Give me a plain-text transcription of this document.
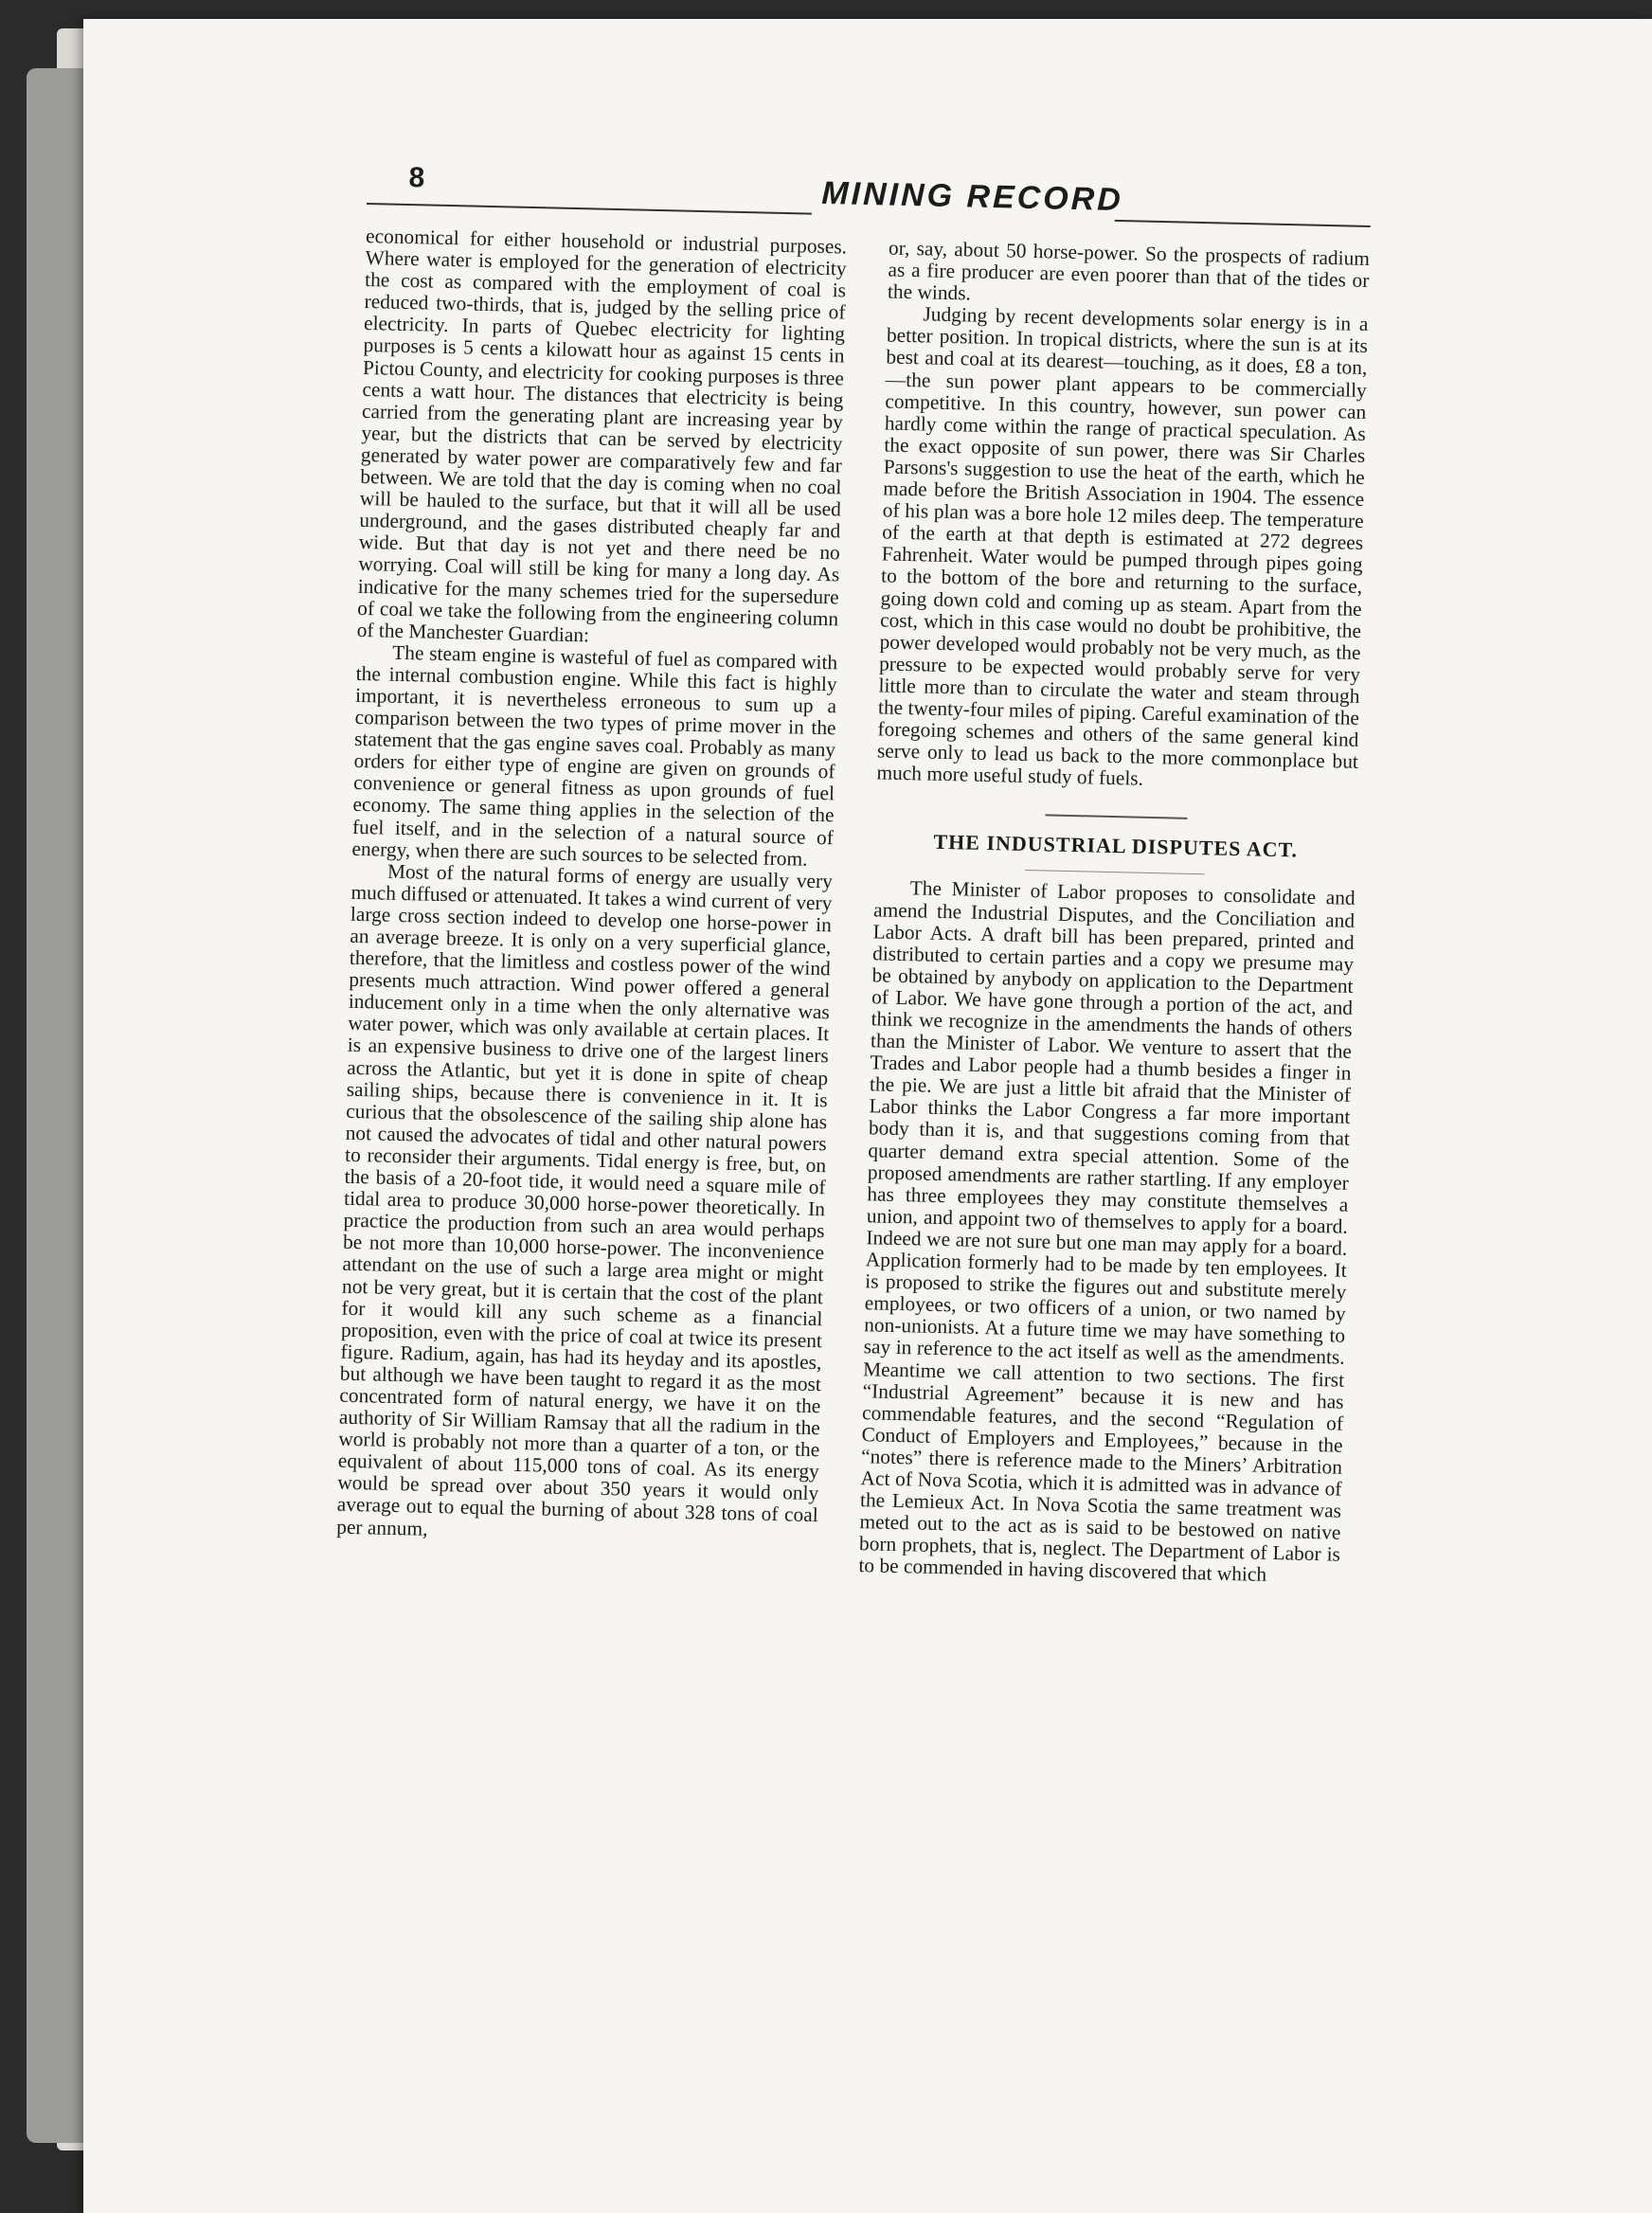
8	MINING RECORD

economical for either household or industrial purposes. Where water is employed for the generation of electricity the cost as compared with the employment of coal is reduced two-thirds, that is, judged by the selling price of electricity. In parts of Quebec electricity for lighting purposes is 5 cents a kilowatt hour as against 15 cents in Pictou County, and electricity for cooking purposes is three cents a watt hour. The distances that electricity is being carried from the generating plant are increasing year by year, but the districts that can be served by electricity generated by water power are comparatively few and far between. We are told that the day is coming when no coal will be hauled to the surface, but that it will all be used underground, and the gases distributed cheaply far and wide. But that day is not yet and there need be no worrying. Coal will still be king for many a long day. As indicative for the many schemes tried for the supersedure of coal we take the following from the engineering column of the Manchester Guardian:

The steam engine is wasteful of fuel as compared with the internal combustion engine. While this fact is highly important, it is nevertheless erroneous to sum up a comparison between the two types of prime mover in the statement that the gas engine saves coal. Probably as many orders for either type of engine are given on grounds of convenience or general fitness as upon grounds of fuel economy. The same thing applies in the selection of the fuel itself, and in the selection of a natural source of energy, when there are such sources to be selected from.

Most of the natural forms of energy are usually very much diffused or attenuated. It takes a wind current of very large cross section indeed to develop one horse-power in an average breeze. It is only on a very superficial glance, therefore, that the limitless and costless power of the wind presents much attraction. Wind power offered a general inducement only in a time when the only alternative was water power, which was only available at certain places. It is an expensive business to drive one of the largest liners across the Atlantic, but yet it is done in spite of cheap sailing ships, because there is convenience in it. It is curious that the obsolescence of the sailing ship alone has not caused the advocates of tidal and other natural powers to reconsider their arguments. Tidal energy is free, but, on the basis of a 20-foot tide, it would need a square mile of tidal area to produce 30,000 horse-power theoretically. In practice the production from such an area would perhaps be not more than 10,000 horse-power. The inconvenience attendant on the use of such a large area might or might not be very great, but it is certain that the cost of the plant for it would kill any such scheme as a financial proposition, even with the price of coal at twice its present figure. Radium, again, has had its heyday and its apostles, but although we have been taught to regard it as the most concentrated form of natural energy, we have it on the authority of Sir William Ramsay that all the radium in the world is probably not more than a quarter of a ton, or the equivalent of about 115,000 tons of coal. As its energy would be spread over about 350 years it would only average out to equal the burning of about 328 tons of coal per annum,

or, say, about 50 horse-power. So the prospects of radium as a fire producer are even poorer than that of the tides or the winds.

Judging by recent developments solar energy is in a better position. In tropical districts, where the sun is at its best and coal at its dearest—touching, as it does, £8 a ton,—the sun power plant appears to be commercially competitive. In this country, however, sun power can hardly come within the range of practical speculation. As the exact opposite of sun power, there was Sir Charles Parsons's suggestion to use the heat of the earth, which he made before the British Association in 1904. The essence of his plan was a bore hole 12 miles deep. The temperature of the earth at that depth is estimated at 272 degrees Fahrenheit. Water would be pumped through pipes going to the bottom of the bore and returning to the surface, going down cold and coming up as steam. Apart from the cost, which in this case would no doubt be prohibitive, the power developed would probably not be very much, as the pressure to be expected would probably serve for very little more than to circulate the water and steam through the twenty-four miles of piping. Careful examination of the foregoing schemes and others of the same general kind serve only to lead us back to the more commonplace but much more useful study of fuels.

THE INDUSTRIAL DISPUTES ACT.

The Minister of Labor proposes to consolidate and amend the Industrial Disputes, and the Conciliation and Labor Acts. A draft bill has been prepared, printed and distributed to certain parties and a copy we presume may be obtained by anybody on application to the Department of Labor. We have gone through a portion of the act, and think we recognize in the amendments the hands of others than the Minister of Labor. We venture to assert that the Trades and Labor people had a thumb besides a finger in the pie. We are just a little bit afraid that the Minister of Labor thinks the Labor Congress a far more important body than it is, and that suggestions coming from that quarter demand extra special attention. Some of the proposed amendments are rather startling. If any employer has three employees they may constitute themselves a union, and appoint two of themselves to apply for a board. Indeed we are not sure but one man may apply for a board. Application formerly had to be made by ten employees. It is proposed to strike the figures out and substitute merely employees, or two officers of a union, or two named by non-unionists. At a future time we may have something to say in reference to the act itself as well as the amendments. Meantime we call attention to two sections. The first “Industrial Agreement” because it is new and has commendable features, and the second “Regulation of Conduct of Employers and Employees,” because in the “notes” there is reference made to the Miners’ Arbitration Act of Nova Scotia, which it is admitted was in advance of the Lemieux Act. In Nova Scotia the same treatment was meted out to the act as is said to be bestowed on native born prophets, that is, neglect. The Department of Labor is to be commended in having discovered that which
